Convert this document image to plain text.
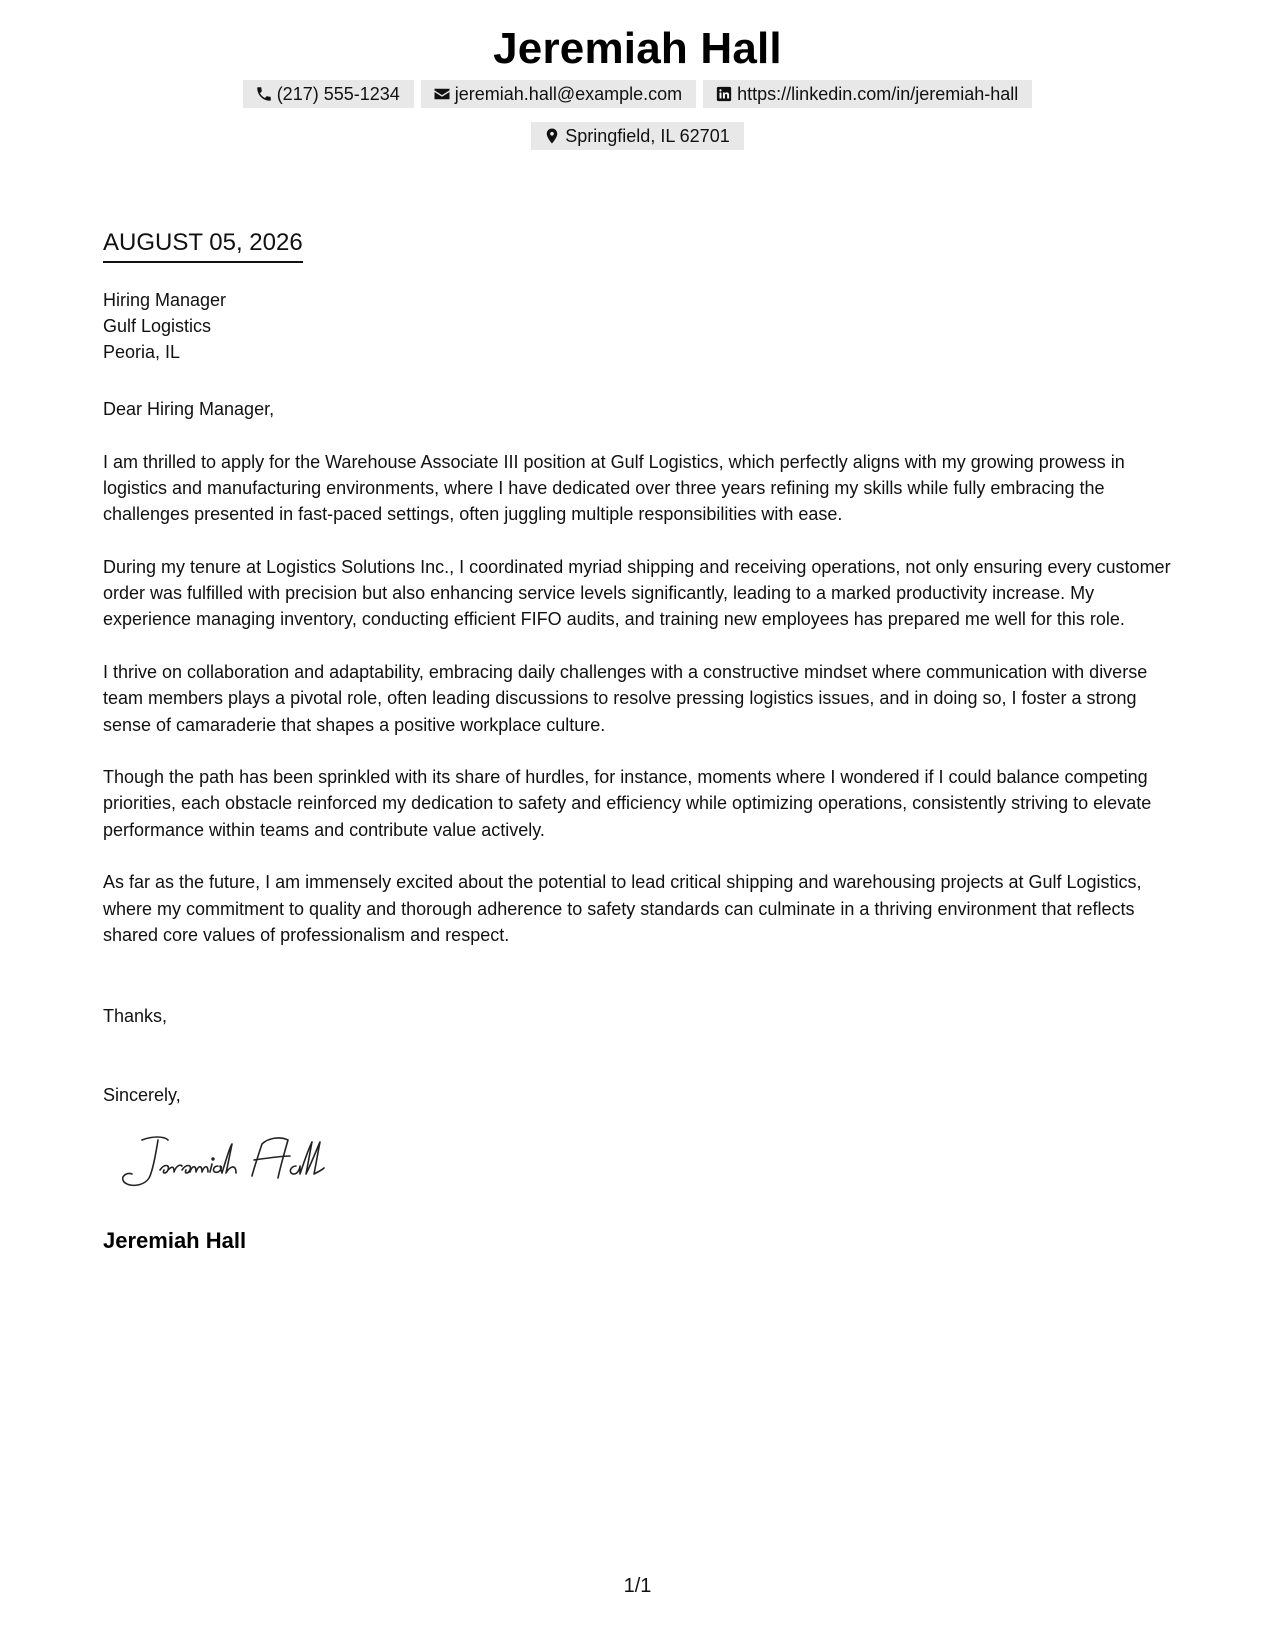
Jeremiah Hall
(217) 555-1234	jeremiah.hall@example.com	https://linkedin.com/in/jeremiah-hall
Springfield, IL 62701
AUGUST 05, 2026
Hiring Manager
Gulf Logistics
Peoria, IL

Dear Hiring Manager,

I am thrilled to apply for the Warehouse Associate III position at Gulf Logistics, which perfectly aligns with my growing prowess in logistics and manufacturing environments, where I have dedicated over three years refining my skills while fully embracing the challenges presented in fast-paced settings, often juggling multiple responsibilities with ease.

During my tenure at Logistics Solutions Inc., I coordinated myriad shipping and receiving operations, not only ensuring every customer order was fulfilled with precision but also enhancing service levels significantly, leading to a marked productivity increase. My experience managing inventory, conducting efficient FIFO audits, and training new employees has prepared me well for this role.

I thrive on collaboration and adaptability, embracing daily challenges with a constructive mindset where communication with diverse team members plays a pivotal role, often leading discussions to resolve pressing logistics issues, and in doing so, I foster a strong sense of camaraderie that shapes a positive workplace culture.

Though the path has been sprinkled with its share of hurdles, for instance, moments where I wondered if I could balance competing priorities, each obstacle reinforced my dedication to safety and efficiency while optimizing operations, consistently striving to elevate performance within teams and contribute value actively.

As far as the future, I am immensely excited about the potential to lead critical shipping and warehousing projects at Gulf Logistics, where my commitment to quality and thorough adherence to safety standards can culminate in a thriving environment that reflects shared core values of professionalism and respect.

Thanks,
Sincerely,
Jeremiah Hall
1/1
